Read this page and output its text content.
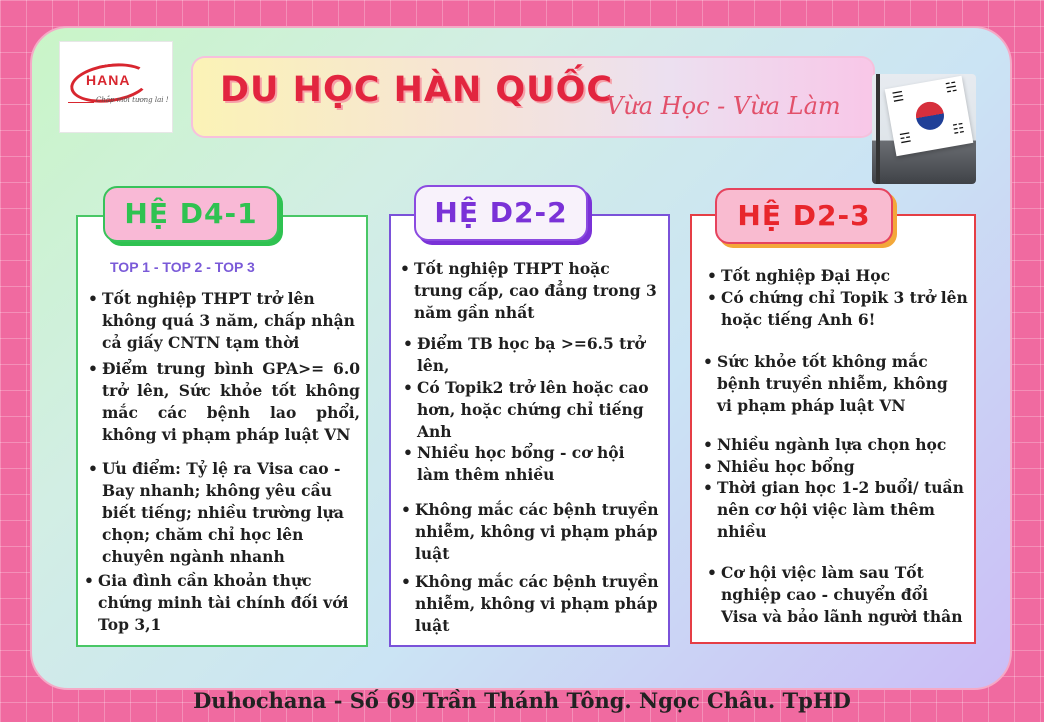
HANA
Chắp mối tương lai ! DU HỌC HÀN QUỐC
Vừa Học - Vừa Làm	☰
☵
☲
☷
HỆ D4-1
TOP 1 - TOP 2 - TOP 3
• Tốt nghiệp THPT trở lên không quá 3 năm, chấp nhận cả giấy CNTN tạm thời
• Điểm trung bình GPA>= 6.0 trở lên, Sức khỏe tốt không mắc các bệnh lao phổi, không vi phạm pháp luật VN
• Ưu điểm: Tỷ lệ ra Visa cao - Bay nhanh; không yêu cầu biết tiếng; nhiều trường lựa chọn; chăm chỉ học lên chuyên ngành nhanh
• Gia đình cần khoản thực chứng minh tài chính đối với Top 3,1
HỆ D2-2
• Tốt nghiệp THPT hoặc trung cấp, cao đẳng trong 3 năm gần nhất
• Điểm TB học bạ >=6.5 trở lên,
• Có Topik2 trở lên hoặc cao hơn, hoặc chứng chỉ tiếng Anh
• Nhiều học bổng - cơ hội làm thêm nhiều
• Không mắc các bệnh truyền nhiễm, không vi phạm pháp luật
• Không mắc các bệnh truyền nhiễm, không vi phạm pháp luật
HỆ D2-3
• Tốt nghiệp Đại Học
• Có chứng chỉ Topik 3 trở lên hoặc tiếng Anh 6!
• Sức khỏe tốt không mắc bệnh truyền nhiễm, không vi phạm pháp luật VN
• Nhiều ngành lựa chọn học
• Nhiều học bổng
• Thời gian học 1-2 buổi/ tuần nên cơ hội việc làm thêm nhiều
• Cơ hội việc làm sau Tốt nghiệp cao - chuyển đổi Visa và bảo lãnh người thân
Duhochana - Số 69 Trần Thánh Tông. Ngọc Châu. TpHD
